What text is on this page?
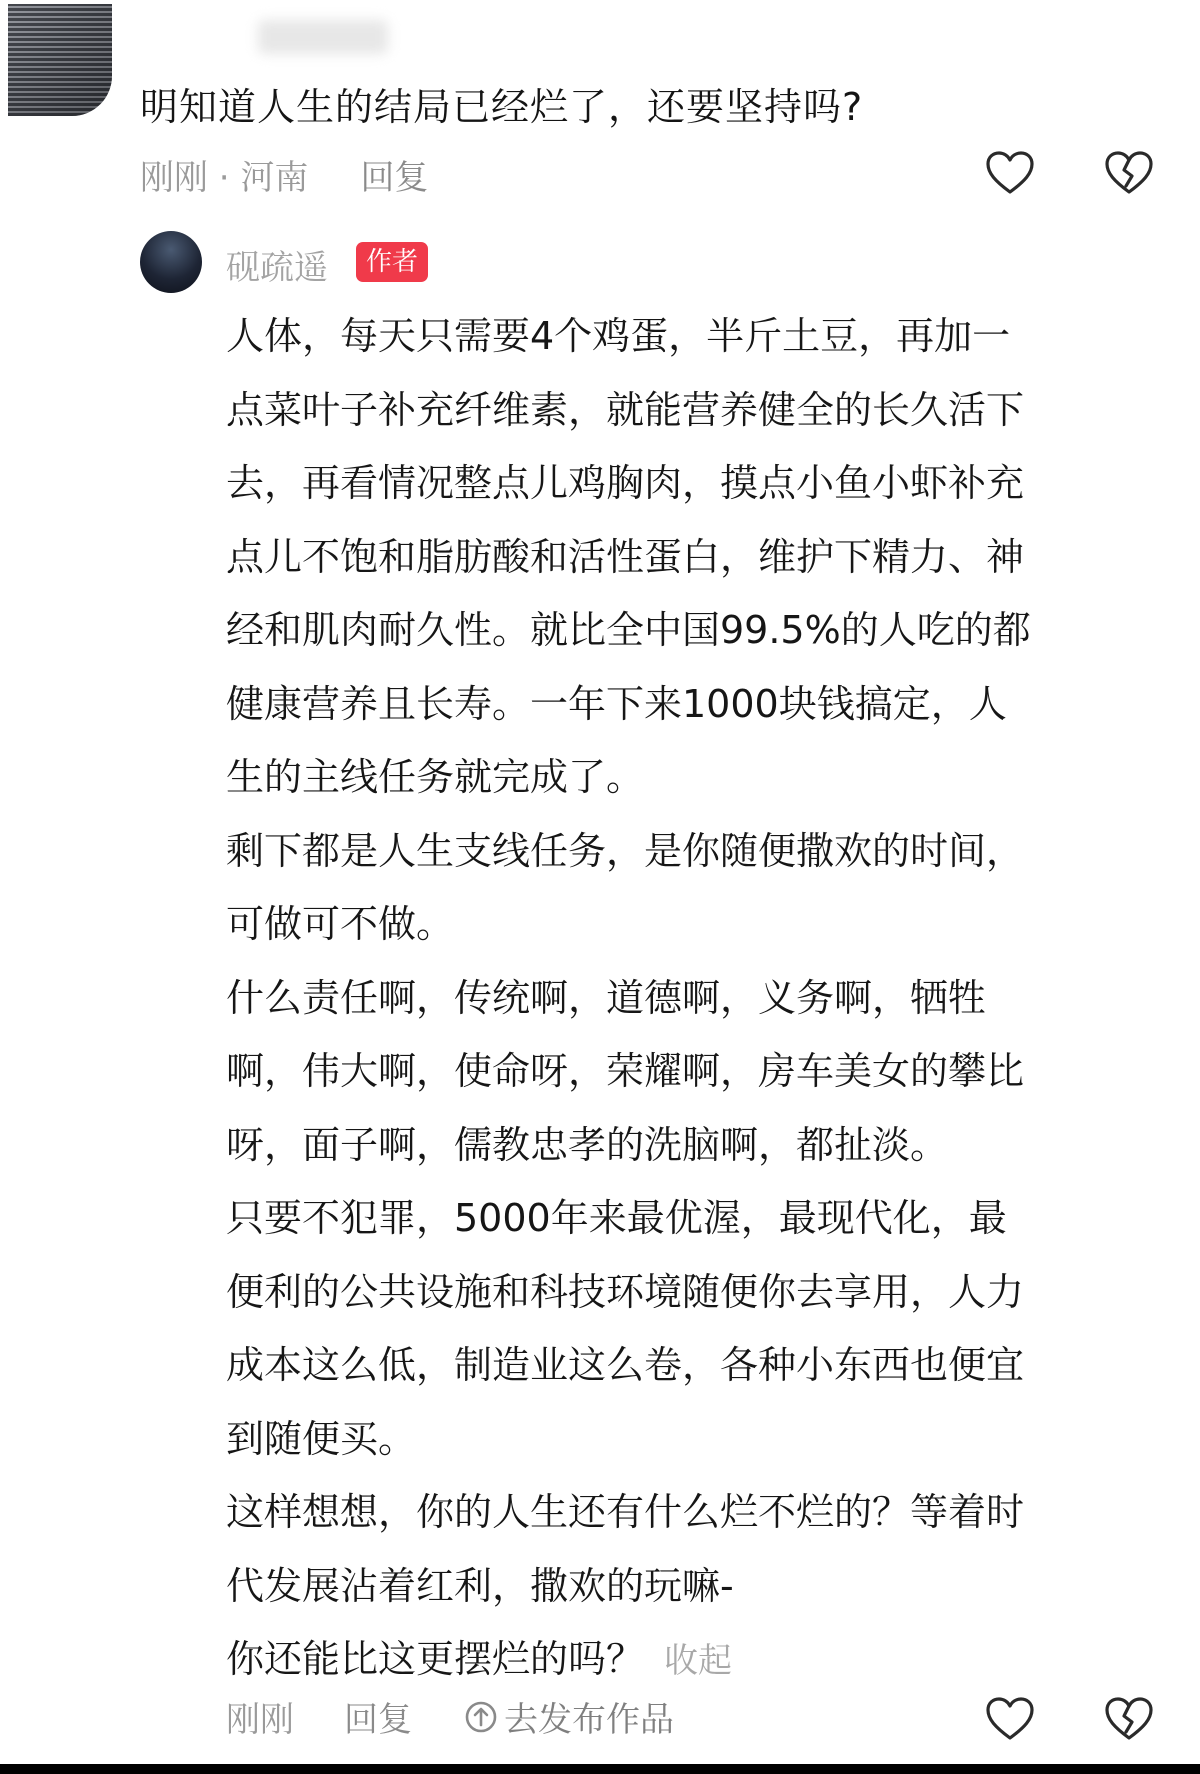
明知道人生的结局已经烂了，还要坚持吗?
刚刚 · 河南 回复
砚疏遥	作者
人体，每天只需要4个鸡蛋，半斤土豆，再加一
点菜叶子补充纤维素，就能营养健全的长久活下
去，再看情况整点儿鸡胸肉，摸点小鱼小虾补充
点儿不饱和脂肪酸和活性蛋白，维护下精力、神
经和肌肉耐久性。就比全中国99.5%的人吃的都
健康营养且长寿。一年下来1000块钱搞定，人
生的主线任务就完成了。
剩下都是人生支线任务，是你随便撒欢的时间，
可做可不做。
什么责任啊，传统啊，道德啊，义务啊，牺牲
啊，伟大啊，使命呀，荣耀啊，房车美女的攀比
呀，面子啊，儒教忠孝的洗脑啊，都扯淡。
只要不犯罪，5000年来最优渥，最现代化，最
便利的公共设施和科技环境随便你去享用，人力
成本这么低，制造业这么卷，各种小东西也便宜
到随便买。
这样想想，你的人生还有什么烂不烂的？等着时
代发展沾着红利，撒欢的玩嘛-
你还能比这更摆烂的吗？ 收起
刚刚 回复	去发布作品
